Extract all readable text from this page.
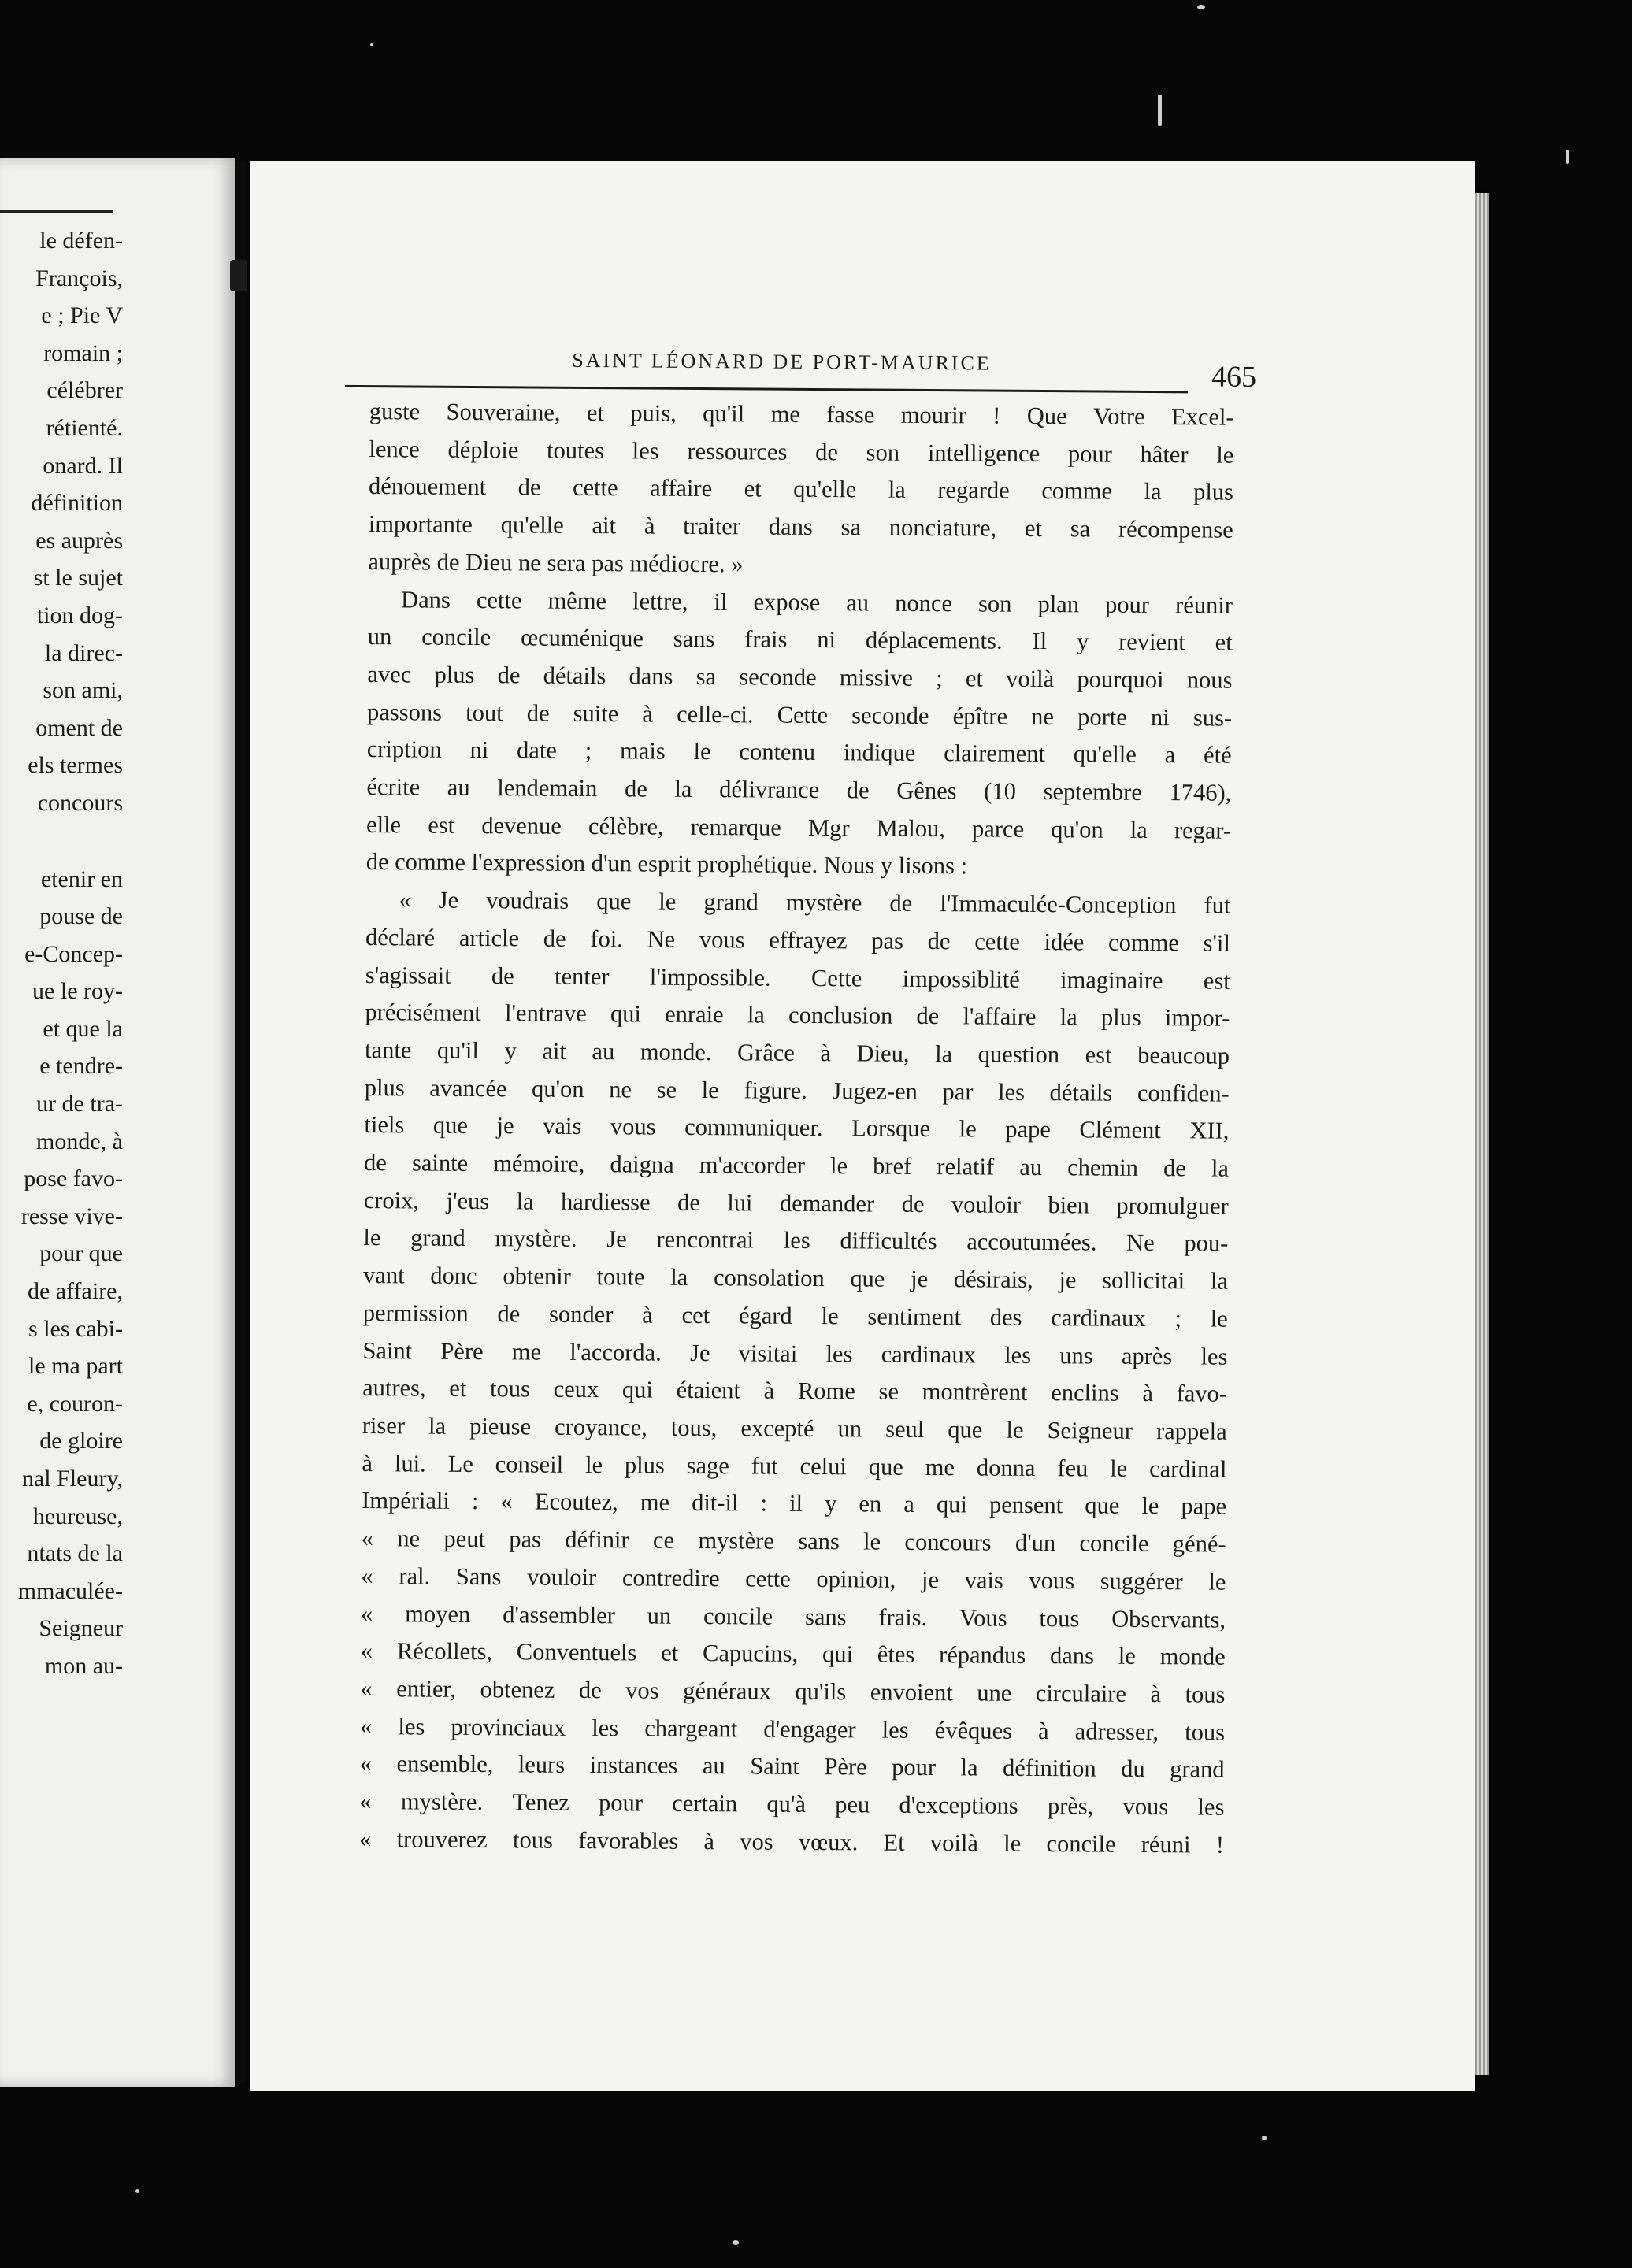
le défen-
François,
e ; Pie V
romain ;
célébrer
rétienté.
onard. Il
définition
es auprès
st le sujet
tion dog-
la direc-
son ami,
oment de
els termes
concours
etenir en
pouse de
e-Concep-
ue le roy-
et que la
e tendre-
ur de tra-
monde, à
pose favo-
resse vive-
pour que
de affaire,
s les cabi-
le ma part
e, couron-
de gloire
nal Fleury,
heureuse,
ntats de la
mmaculée-
Seigneur
mon au-
SAINT LÉONARD DE PORT-MAURICE	465
guste Souveraine, et puis, qu'il me fasse mourir ! Que Votre Excel-
lence déploie toutes les ressources de son intelligence pour hâter le
dénouement de cette affaire et qu'elle la regarde comme la plus
importante qu'elle ait à traiter dans sa nonciature, et sa récompense
auprès de Dieu ne sera pas médiocre. »
Dans cette même lettre, il expose au nonce son plan pour réunir
un concile œcuménique sans frais ni déplacements. Il y revient et
avec plus de détails dans sa seconde missive ; et voilà pourquoi nous
passons tout de suite à celle-ci. Cette seconde épître ne porte ni sus-
cription ni date ; mais le contenu indique clairement qu'elle a été
écrite au lendemain de la délivrance de Gênes (10 septembre 1746),
elle est devenue célèbre, remarque Mgr Malou, parce qu'on la regar-
de comme l'expression d'un esprit prophétique. Nous y lisons :
« Je voudrais que le grand mystère de l'Immaculée-Conception fut
déclaré article de foi. Ne vous effrayez pas de cette idée comme s'il
s'agissait de tenter l'impossible. Cette impossiblité imaginaire est
précisément l'entrave qui enraie la conclusion de l'affaire la plus impor-
tante qu'il y ait au monde. Grâce à Dieu, la question est beaucoup
plus avancée qu'on ne se le figure. Jugez-en par les détails confiden-
tiels que je vais vous communiquer. Lorsque le pape Clément XII,
de sainte mémoire, daigna m'accorder le bref relatif au chemin de la
croix, j'eus la hardiesse de lui demander de vouloir bien promulguer
le grand mystère. Je rencontrai les difficultés accoutumées. Ne pou-
vant donc obtenir toute la consolation que je désirais, je sollicitai la
permission de sonder à cet égard le sentiment des cardinaux ; le
Saint Père me l'accorda. Je visitai les cardinaux les uns après les
autres, et tous ceux qui étaient à Rome se montrèrent enclins à favo-
riser la pieuse croyance, tous, excepté un seul que le Seigneur rappela
à lui. Le conseil le plus sage fut celui que me donna feu le cardinal
Impériali : « Ecoutez, me dit-il : il y en a qui pensent que le pape
« ne peut pas définir ce mystère sans le concours d'un concile géné-
« ral. Sans vouloir contredire cette opinion, je vais vous suggérer le
« moyen d'assembler un concile sans frais. Vous tous Observants,
« Récollets, Conventuels et Capucins, qui êtes répandus dans le monde
« entier, obtenez de vos généraux qu'ils envoient une circulaire à tous
« les provinciaux les chargeant d'engager les évêques à adresser, tous
« ensemble, leurs instances au Saint Père pour la définition du grand
« mystère. Tenez pour certain qu'à peu d'exceptions près, vous les
« trouverez tous favorables à vos vœux. Et voilà le concile réuni !
